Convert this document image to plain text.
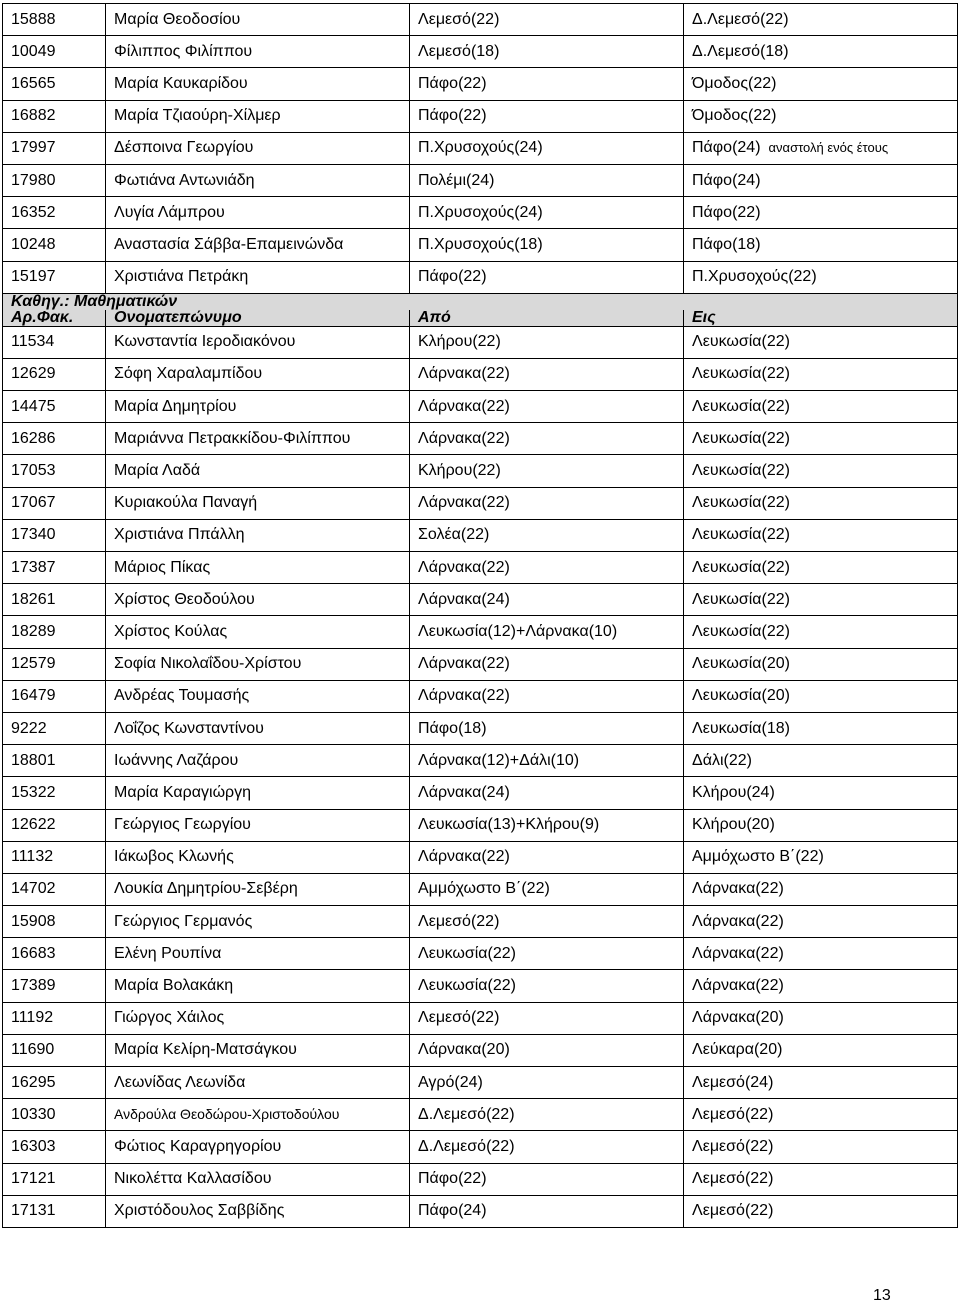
15888	Μαρία Θεοδοσίου	Λεμεσό(22)	Δ.Λεμεσό(22)
10049	Φίλιππος Φιλίππου	Λεμεσό(18)	Δ.Λεμεσό(18)
16565	Μαρία Καυκαρίδου	Πάφο(22)	Όμοδος(22)
16882	Μαρία Τζιαούρη-Χίλμερ	Πάφο(22)	Όμοδος(22)
17997	Δέσποινα Γεωργίου	Π.Χρυσοχούς(24)	Πάφο(24) αναστολή ενός έτους
17980	Φωτιάνα Αντωνιάδη	Πολέμι(24)	Πάφο(24)
16352	Λυγία Λάμπρου	Π.Χρυσοχούς(24)	Πάφο(22)
10248	Αναστασία Σάββα-Επαμεινώνδα	Π.Χρυσοχούς(18)	Πάφο(18)
15197	Χριστιάνα Πετράκη	Πάφο(22)	Π.Χρυσοχούς(22)
Καθηγ.: Μαθηματικών			
Αρ.Φακ.	Ονοματεπώνυμο	Από	Εις
11534	Κωνσταντία Ιεροδιακόνου	Κλήρου(22)	Λευκωσία(22)
12629	Σόφη Χαραλαμπίδου	Λάρνακα(22)	Λευκωσία(22)
14475	Μαρία Δημητρίου	Λάρνακα(22)	Λευκωσία(22)
16286	Μαριάννα Πετρακκίδου-Φιλίππου	Λάρνακα(22)	Λευκωσία(22)
17053	Μαρία Λαδά	Κλήρου(22)	Λευκωσία(22)
17067	Κυριακούλα Παναγή	Λάρνακα(22)	Λευκωσία(22)
17340	Χριστιάνα Ππάλλη	Σολέα(22)	Λευκωσία(22)
17387	Μάριος Πίκας	Λάρνακα(22)	Λευκωσία(22)
18261	Χρίστος Θεοδούλου	Λάρνακα(24)	Λευκωσία(22)
18289	Χρίστος Κούλας	Λευκωσία(12)+Λάρνακα(10)	Λευκωσία(22)
12579	Σοφία Νικολαΐδου-Χρίστου	Λάρνακα(22)	Λευκωσία(20)
16479	Ανδρέας Τουμασής	Λάρνακα(22)	Λευκωσία(20)
9222	Λοΐζος Κωνσταντίνου	Πάφο(18)	Λευκωσία(18)
18801	Ιωάννης Λαζάρου	Λάρνακα(12)+Δάλι(10)	Δάλι(22)
15322	Μαρία Καραγιώργη	Λάρνακα(24)	Κλήρου(24)
12622	Γεώργιος Γεωργίου	Λευκωσία(13)+Κλήρου(9)	Κλήρου(20)
11132	Ιάκωβος Κλωνής	Λάρνακα(22)	Αμμόχωστο Β΄(22)
14702	Λουκία Δημητρίου-Σεβέρη	Αμμόχωστο Β΄(22)	Λάρνακα(22)
15908	Γεώργιος Γερμανός	Λεμεσό(22)	Λάρνακα(22)
16683	Ελένη Ρουπίνα	Λευκωσία(22)	Λάρνακα(22)
17389	Μαρία Βολακάκη	Λευκωσία(22)	Λάρνακα(22)
11192	Γιώργος Χάιλος	Λεμεσό(22)	Λάρνακα(20)
11690	Μαρία Κελίρη-Ματσάγκου	Λάρνακα(20)	Λεύκαρα(20)
16295	Λεωνίδας Λεωνίδα	Αγρό(24)	Λεμεσό(24)
10330	Ανδρούλα Θεοδώρου-Χριστοδούλου	Δ.Λεμεσό(22)	Λεμεσό(22)
16303	Φώτιος Καραγρηγορίου	Δ.Λεμεσό(22)	Λεμεσό(22)
17121	Νικολέττα Καλλασίδου	Πάφο(22)	Λεμεσό(22)
17131	Χριστόδουλος Σαββίδης	Πάφο(24)	Λεμεσό(22)
13
